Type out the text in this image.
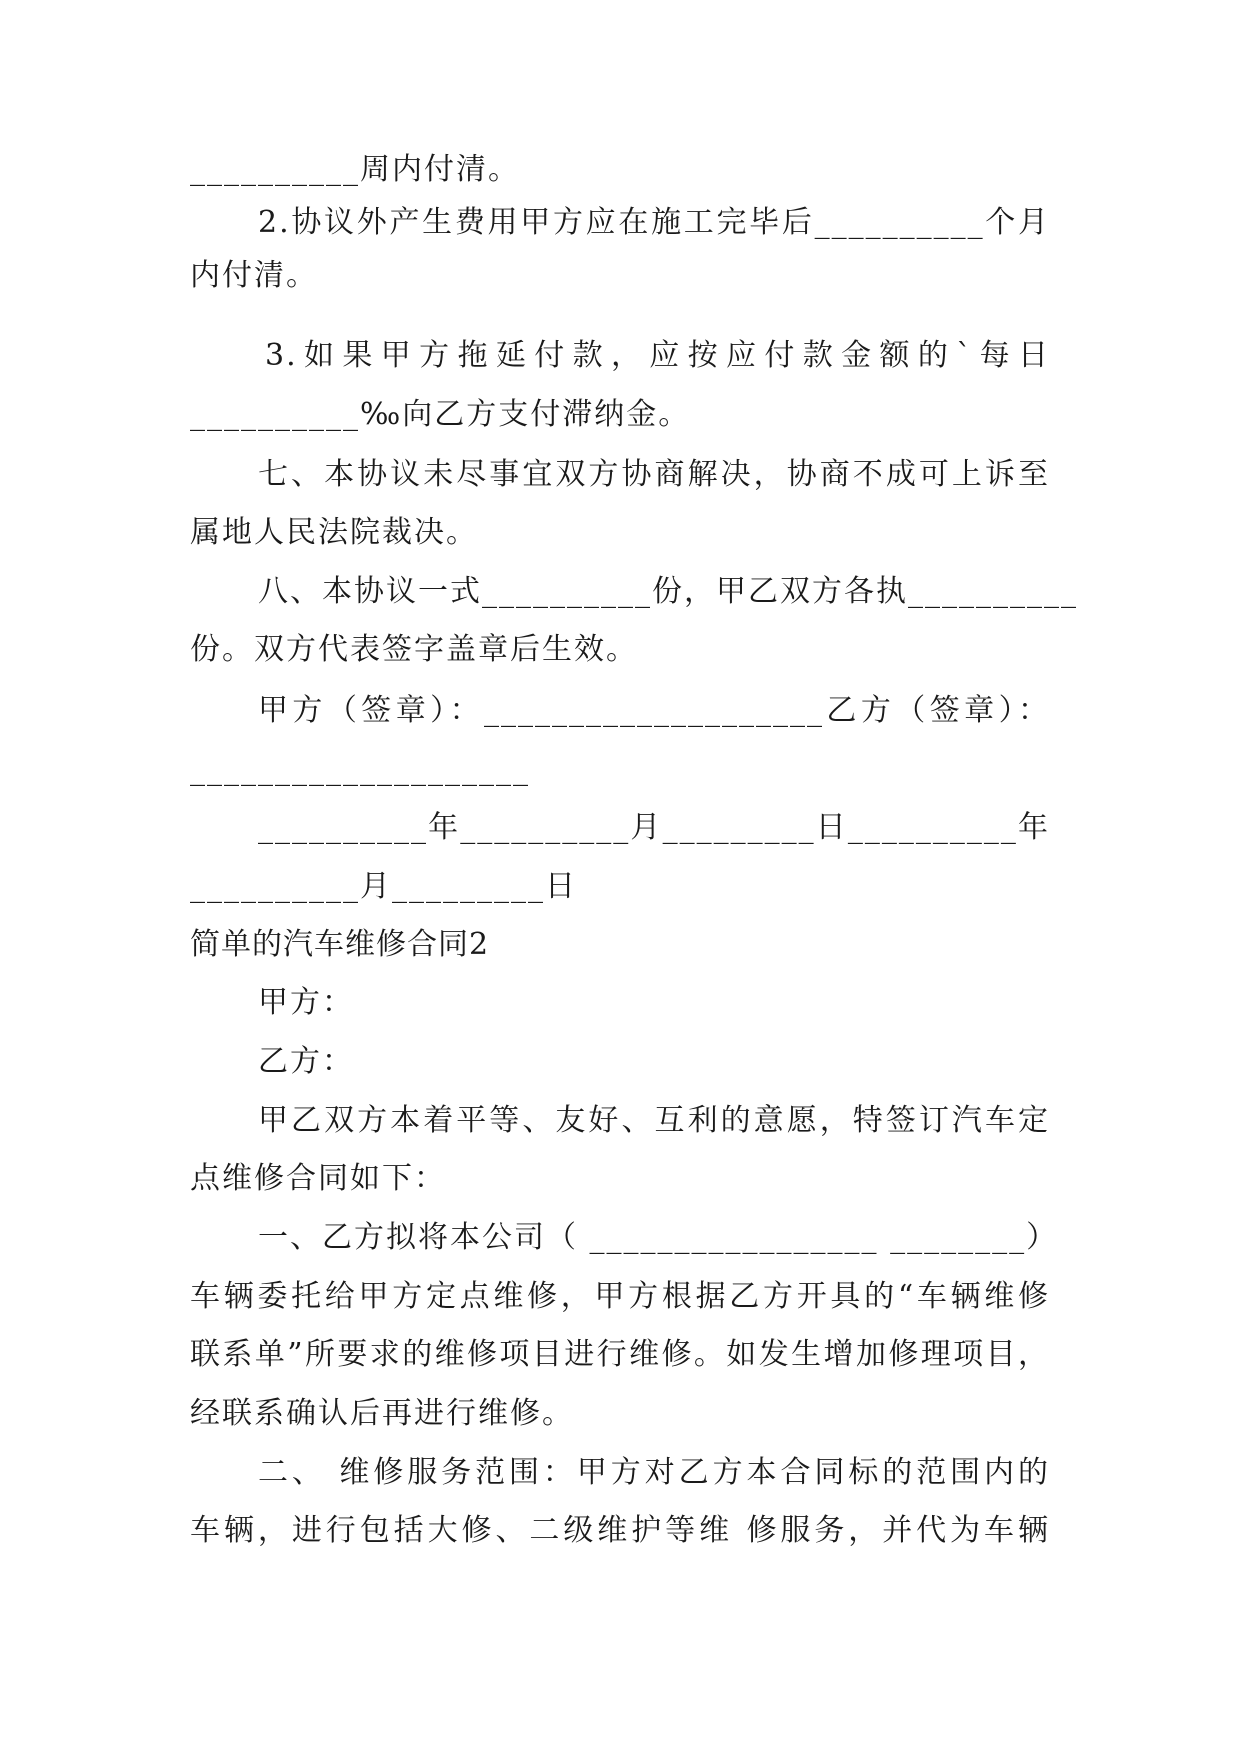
__________周内付清。
2.协议外产生费用甲方应在施工完毕后__________个月
内付清。
3.如果甲方拖延付款，应按应付款金额的`每日
__________‰向乙方支付滞纳金。
七、本协议未尽事宜双方协商解决，协商不成可上诉至
属地人民法院裁决。
八、本协议一式__________份，甲乙双方各执__________
份。双方代表签字盖章后生效。
甲方（签章）：____________________乙方（签章）：
____________________
__________年__________月_________日__________年
__________月_________日
简单的汽车维修合同2
甲方：
乙方：
甲乙双方本着平等、友好、互利的意愿，特签订汽车定
点维修合同如下：
一、乙方拟将本公司（ _________________ ________）
车辆委托给甲方定点维修，甲方根据乙方开具的“车辆维修
联系单”所要求的维修项目进行维修。如发生增加修理项目，
经联系确认后再进行维修。
二、 维修服务范围：甲方对乙方本合同标的范围内的
车辆，进行包括大修、二级维护等维 修服务，并代为车辆
